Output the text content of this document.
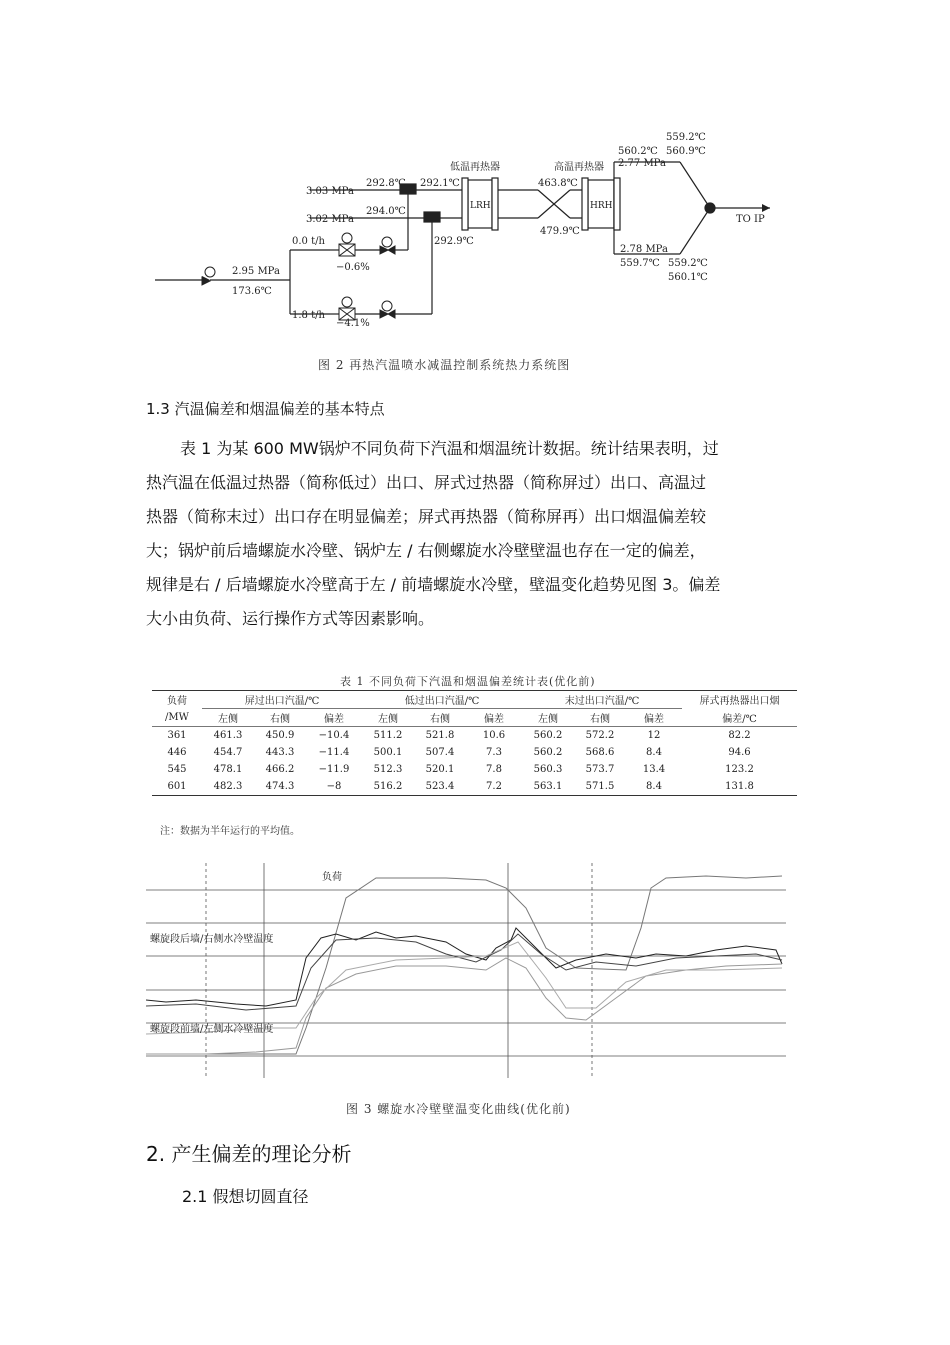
低温再热器	高温再热器
LRH	HRH
3.03 MPa
292.8℃ 292.1℃
3.02 MPa
294.0℃
292.9℃
463.8℃
479.9℃
560.2℃
2.77 MPa
559.2℃
560.9℃
2.78 MPa
559.7℃ 559.2℃
560.1℃
TO IP
2.95 MPa
173.6℃
0.0 t/h
−0.6%
1.8 t/h
−4.1%
图 2 再热汽温喷水减温控制系统热力系统图
1.3 汽温偏差和烟温偏差的基本特点
表 1 为某 600 MW锅炉不同负荷下汽温和烟温统计数据。统计结果表明，过
热汽温在低温过热器（简称低过）出口、屏式过热器（简称屏过）出口、高温过
热器（简称末过）出口存在明显偏差；屏式再热器（简称屏再）出口烟温偏差较
大；锅炉前后墙螺旋水冷壁、锅炉左 / 右侧螺旋水冷壁壁温也存在一定的偏差，
规律是右 / 后墙螺旋水冷壁高于左 / 前墙螺旋水冷壁，壁温变化趋势见图 3。偏差
大小由负荷、运行操作方式等因素影响。
表 1 不同负荷下汽温和烟温偏差统计表(优化前)
负荷	屏过出口汽温/℃			低过出口汽温/℃			末过出口汽温/℃			屏式再热器出口烟
/MW	左侧	右侧	偏差	左侧	右侧	偏差	左侧	右侧	偏差	偏差/℃
361	461.3	450.9	−10.4	511.2	521.8	10.6	560.2	572.2	12	82.2
446	454.7	443.3	−11.4	500.1	507.4	7.3	560.2	568.6	8.4	94.6
545	478.1	466.2	−11.9	512.3	520.1	7.8	560.3	573.7	13.4	123.2
601	482.3	474.3	−8	516.2	523.4	7.2	563.1	571.5	8.4	131.8
注：数据为半年运行的平均值。
负荷
螺旋段后墙/右侧水冷壁温度
螺旋段前墙/左侧水冷壁温度
图 3 螺旋水冷壁壁温变化曲线(优化前)
2. 产生偏差的理论分析
2.1 假想切圆直径
